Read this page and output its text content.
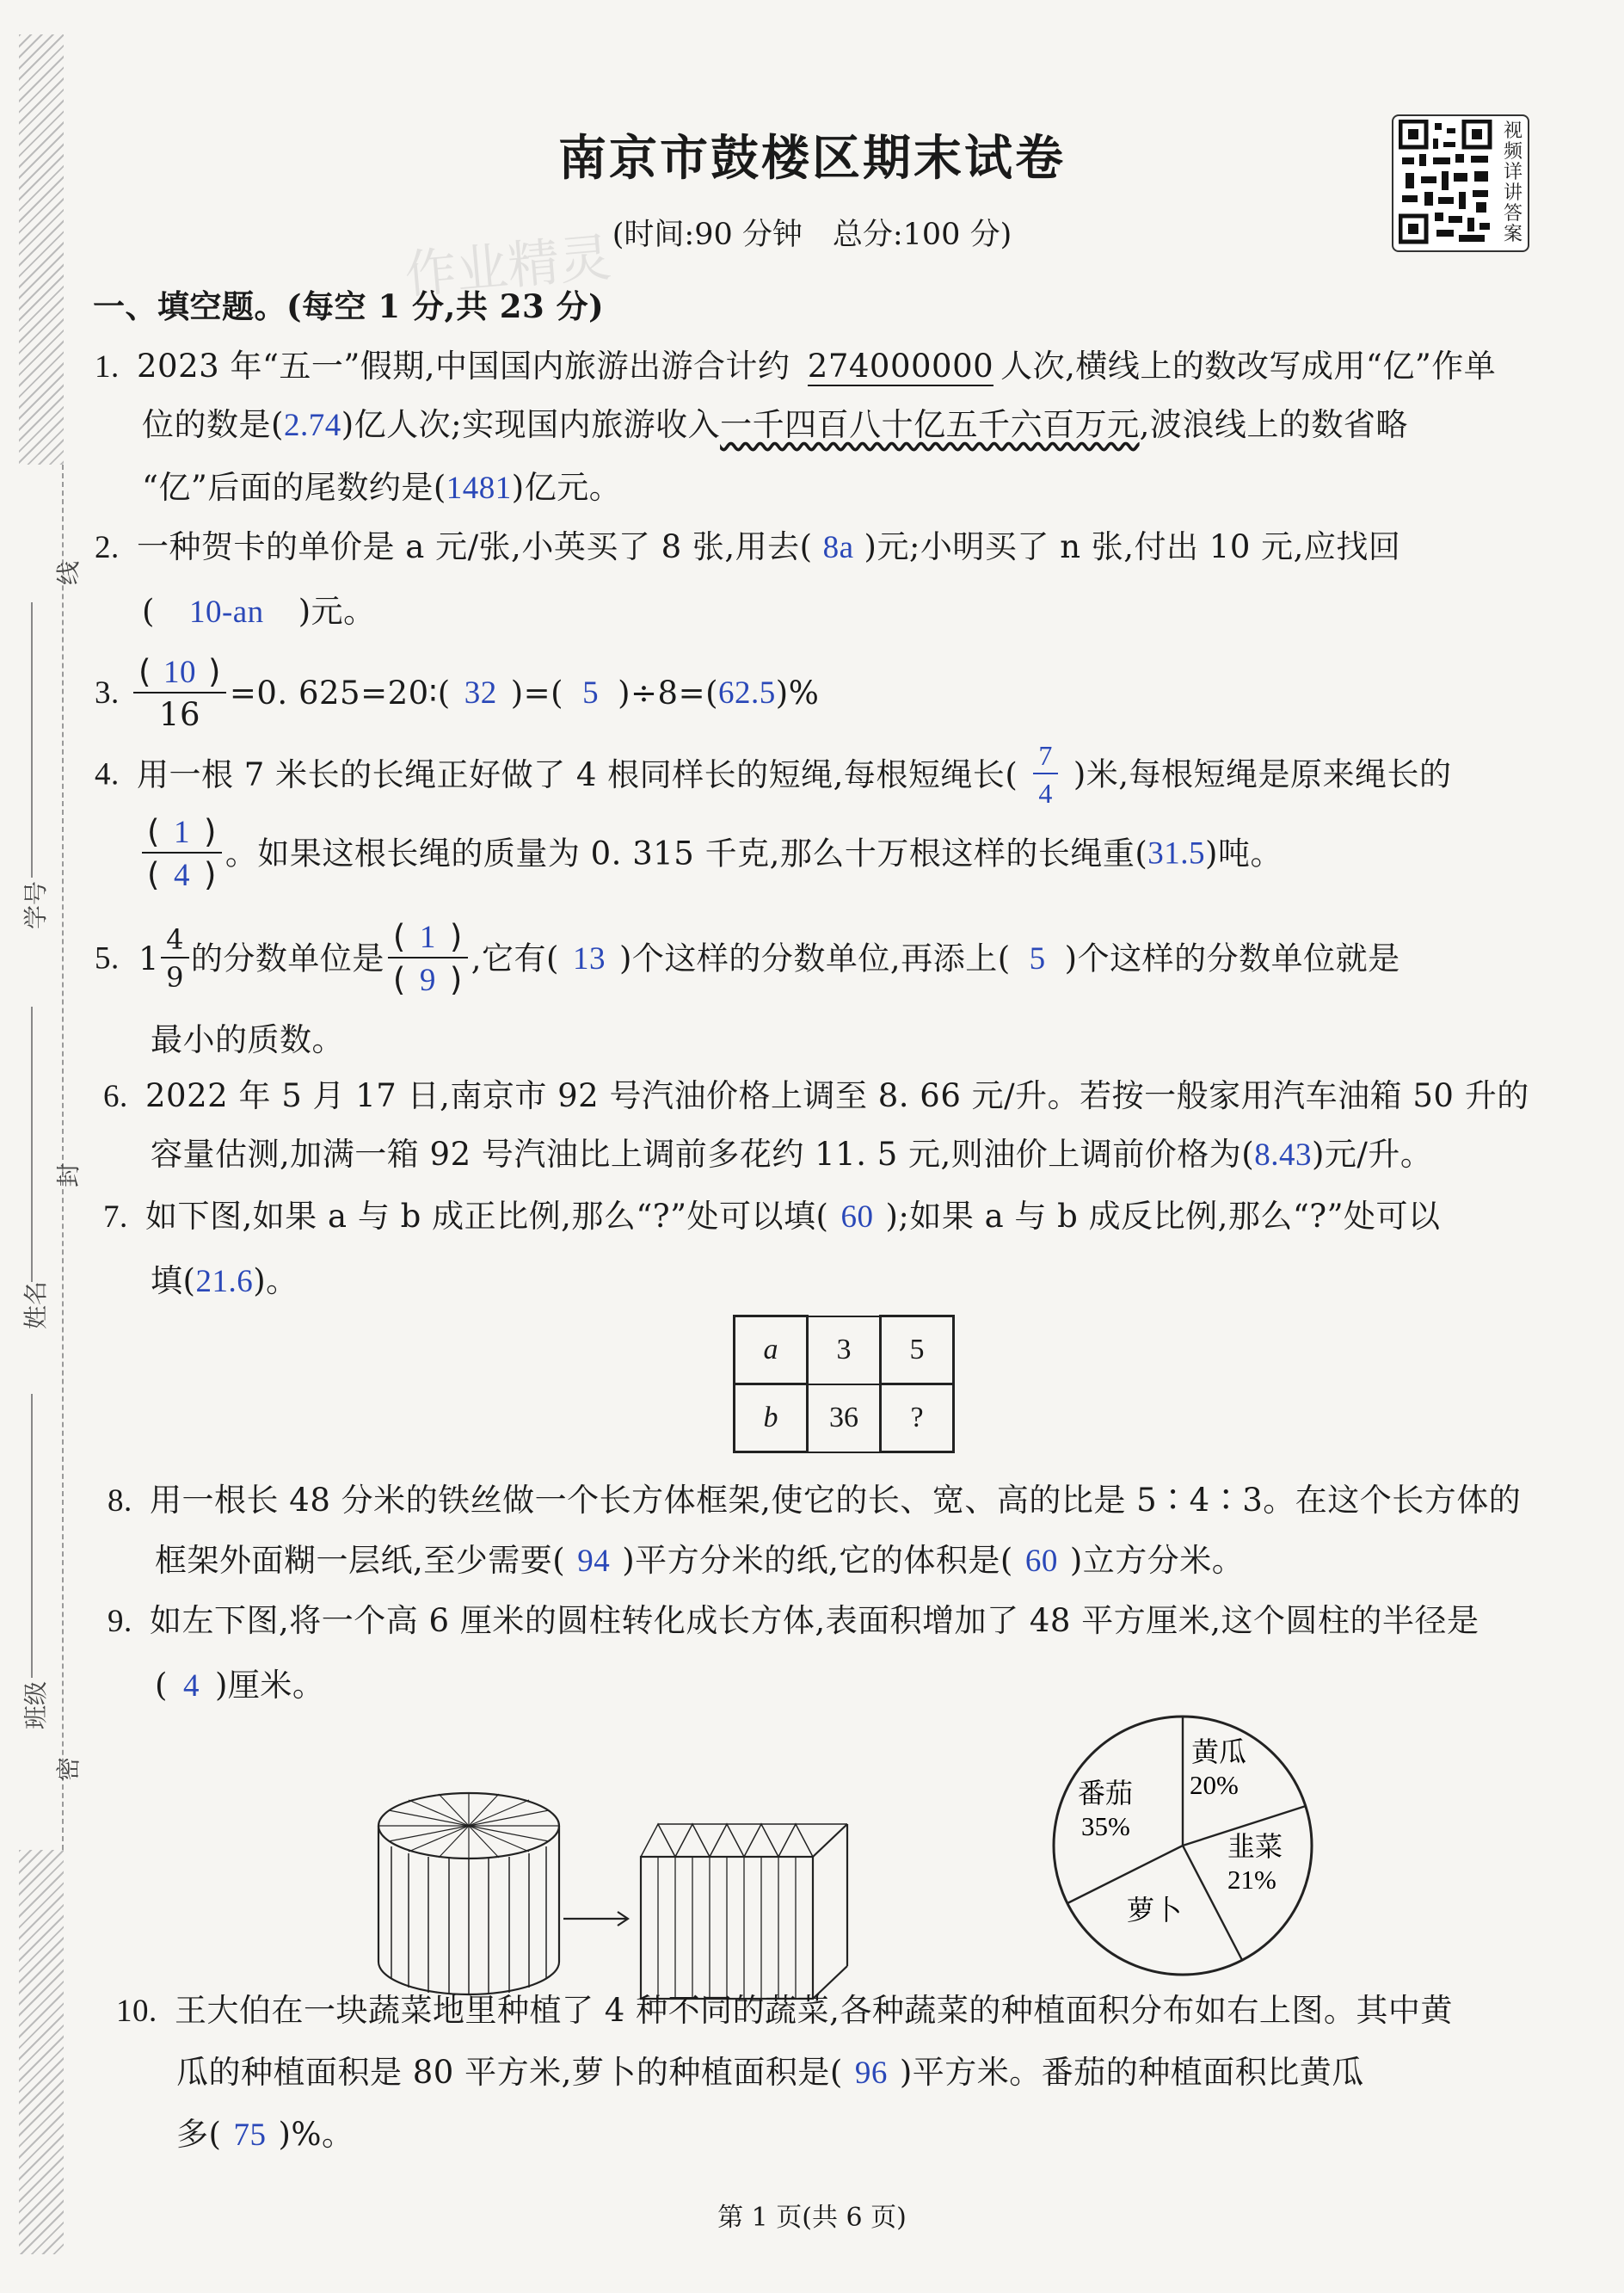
线
封
密
学号
姓名
班级
南京市鼓楼区期末试卷
(时间:90 分钟　总分:100 分)
作业精灵
视频详讲答案
一、填空题。(每空 1 分,共 23 分)
1. 2023 年“五一”假期,中国国内旅游出游合计约 274000000 人次,横线上的数改写成用“亿”作单
位的数是(2.74)亿人次;实现国内旅游收入一千四百八十亿五千六百万元,波浪线上的数省略
“亿”后面的尾数约是(1481)亿元。
2. 一种贺卡的单价是 a 元/张,小英买了 8 张,用去( 8a )元;小明买了 n 张,付出 10 元,应找回
( 10-an )元。
3. $\frac{( 10 )}{16} =0$. 625=20∶( 32 )=( 5 )÷8=(62.5)%
4. 用一根 7 米长的长绳正好做了 4 根同样长的短绳,每根短绳长( $\frac{7}{4}$ )米,每根短绳是原来绳长的
$\frac{( 1 )}{( 4 )}$ 。如果这根长绳的质量为 0. 315 千克,那么十万根这样的长绳重(31.5)吨。
5. $1 \frac{4}{9}$ 的分数单位是 $\frac{( 1 )}{( 9 )}$ ,它有( 13 )个这样的分数单位,再添上( 5 )个这样的分数单位就是
最小的质数。
6. 2022 年 5 月 17 日,南京市 92 号汽油价格上调至 8. 66 元/升。若按一般家用汽车油箱 50 升的
容量估测,加满一箱 92 号汽油比上调前多花约 11. 5 元,则油价上调前价格为(8.43)元/升。
7. 如下图,如果 a 与 b 成正比例,那么“?”处可以填( 60 );如果 a 与 b 成反比例,那么“?”处可以
填(21.6)。
a	3	5
b	36	?
8. 用一根长 48 分米的铁丝做一个长方体框架,使它的长、宽、高的比是 5∶4∶3。在这个长方体的
框架外面糊一层纸,至少需要( 94 )平方分米的纸,它的体积是( 60 )立方分米。
9. 如左下图,将一个高 6 厘米的圆柱转化成长方体,表面积增加了 48 平方厘米,这个圆柱的半径是
( 4 )厘米。
黄瓜
20%
韭菜
21%
萝卜
番茄
35%
10. 王大伯在一块蔬菜地里种植了 4 种不同的蔬菜,各种蔬菜的种植面积分布如右上图。其中黄
瓜的种植面积是 80 平方米,萝卜的种植面积是( 96 )平方米。番茄的种植面积比黄瓜
多( 75 )%。
第 1 页(共 6 页)
